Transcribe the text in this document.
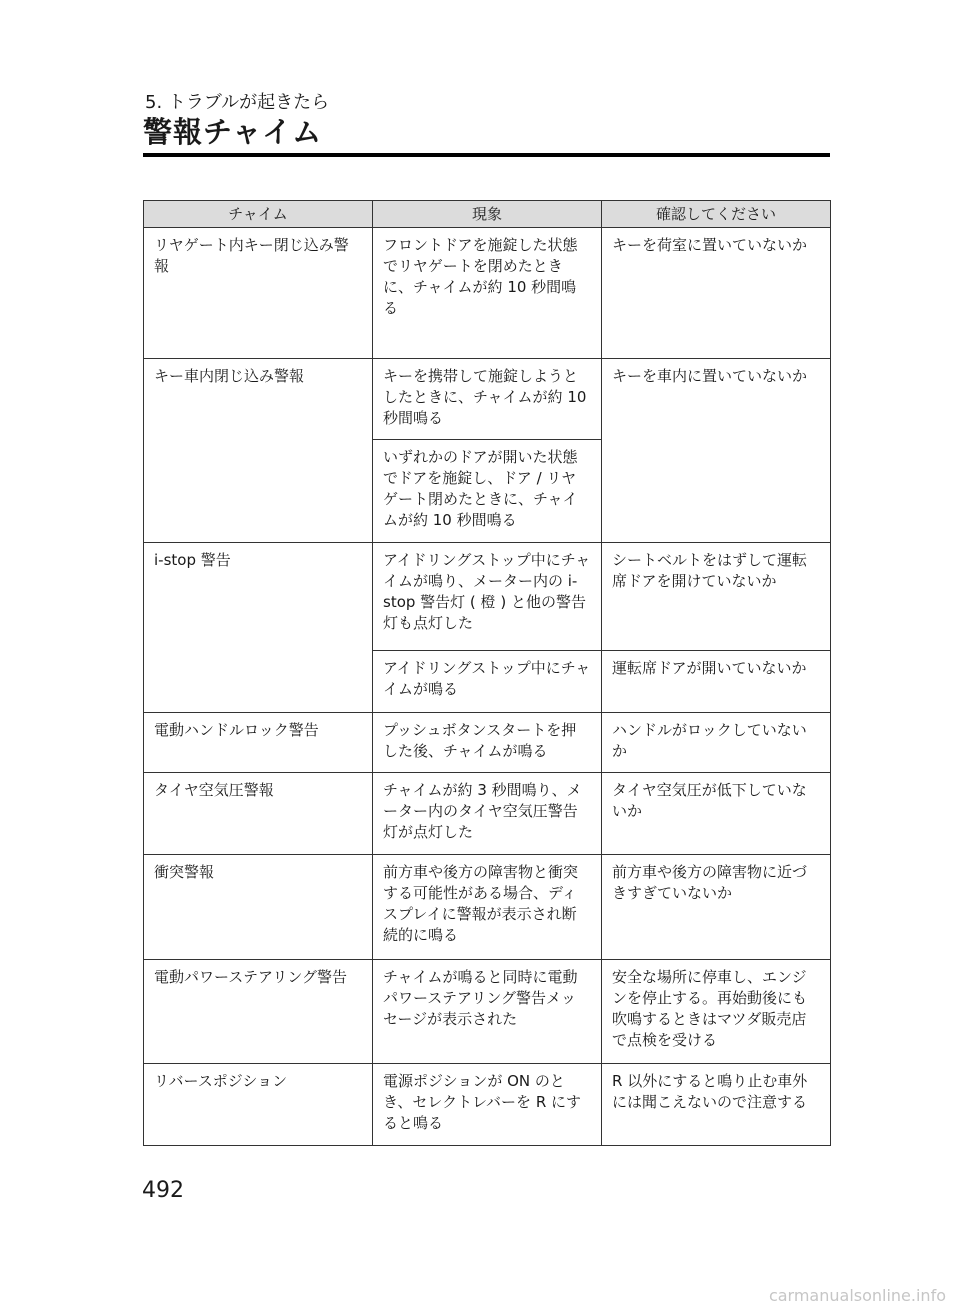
5. トラブルが起きたら
警報チャイム
チャイム	現象	確認してください
リヤゲート内キー閉じ込み警報	フロントドアを施錠した状態でリヤゲートを閉めたときに、チャイムが約 10 秒間鳴る	キーを荷室に置いていないか
キー車内閉じ込み警報	キーを携帯して施錠しようとしたときに、チャイムが約 10 秒間鳴る	キーを車内に置いていないか
	いずれかのドアが開いた状態でドアを施錠し、ドア / リヤゲート閉めたときに、チャイムが約 10 秒間鳴る	
i-stop 警告	アイドリングストップ中にチャイムが鳴り、メーター内の i-stop 警告灯 ( 橙 ) と他の警告灯も点灯した	シートベルトをはずして運転席ドアを開けていないか
	アイドリングストップ中にチャイムが鳴る	運転席ドアが開いていないか
電動ハンドルロック警告	プッシュボタンスタートを押した後、チャイムが鳴る	ハンドルがロックしていないか
タイヤ空気圧警報	チャイムが約 3 秒間鳴り、メーター内のタイヤ空気圧警告灯が点灯した	タイヤ空気圧が低下していないか
衝突警報	前方車や後方の障害物と衝突する可能性がある場合、ディスプレイに警報が表示され断続的に鳴る	前方車や後方の障害物に近づきすぎていないか
電動パワーステアリング警告	チャイムが鳴ると同時に電動パワーステアリング警告メッセージが表示された	安全な場所に停車し、エンジンを停止する。再始動後にも吹鳴するときはマツダ販売店で点検を受ける
リバースポジション	電源ポジションが ON のとき、セレクトレバーを R にすると鳴る	R 以外にすると鳴り止む車外には聞こえないので注意する
492
carmanualsonline.info
